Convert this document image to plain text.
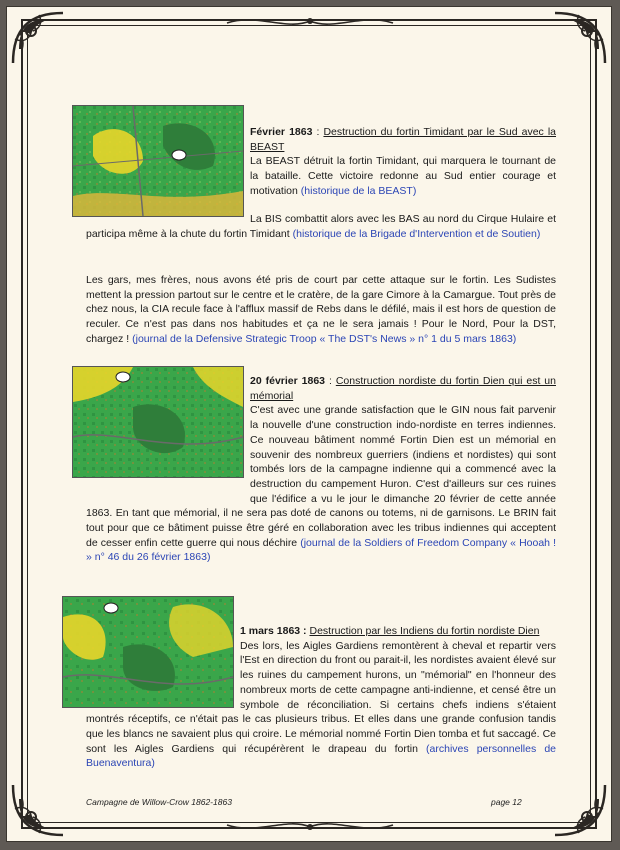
Février 1863 : Destruction du fortin Timidant par le Sud avec la BEAST

La BEAST détruit la fortin Timidant, qui marquera le tournant de la bataille. Cette victoire redonne au Sud entier courage et motivation (historique de la BEAST)

La BIS combattit alors avec les BAS au nord du Cirque Hulaire et participa même à la chute du fortin Timidant (historique de la Brigade d'Intervention et de Soutien)

Les gars, mes frères, nous avons été pris de court par cette attaque sur le fortin. Les Sudistes mettent la pression partout sur le centre et le cratère, de la gare Cimore à la Camargue. Tout près de chez nous, la CIA recule face à l'afflux massif de Rebs dans le défilé, mais il est hors de question de reculer. Ce n'est pas dans nos habitudes et ça ne le sera jamais ! Pour le Nord, Pour la DST, chargez ! (journal de la Defensive Strategic Troop « The DST's News » n° 1 du 5 mars 1863)

20 février 1863 : Construction nordiste du fortin Dien qui est un mémorial

C'est avec une grande satisfaction que le GIN nous fait parvenir la nouvelle d'une construction indo-nordiste en terres indiennes. Ce nouveau bâtiment nommé Fortin Dien est un mémorial en souvenir des nombreux guerriers (indiens et nordistes) qui sont tombés lors de la campagne indienne qui a commencé avec la destruction du campement Huron. C'est d'ailleurs sur ces ruines que l'édifice a vu le jour le dimanche 20 février de cette année 1863. En tant que mémorial, il ne sera pas doté de canons ou totems, ni de garnisons. Le BRIN fait tout pour que ce bâtiment puisse être géré en collaboration avec les tribus indiennes qui acceptent de cesser enfin cette guerre qui nous déchire (journal de la Soldiers of Freedom Company « Hooah ! » n° 46 du 26 février 1863)

1 mars 1863 : Destruction par les Indiens du fortin nordiste Dien

Des lors, les Aigles Gardiens remontèrent à cheval et repartir vers l'Est en direction du front ou parait-il, les nordistes avaient élevé sur les ruines du campement hurons, un "mémorial" en l'honneur des nombreux morts de cette campagne anti-indienne, et censé être un symbole de réconciliation. Si certains chefs indiens s'étaient montrés réceptifs, ce n'était pas le cas plusieurs tribus. Et elles dans une grande confusion tandis que les blancs ne savaient plus qui croire. Le mémorial nommé Fortin Dien tomba et fut saccagé. Ce sont les Aigles Gardiens qui récupérèrent le drapeau du fortin (archives personnelles de Buenaventura)

Campagne de Willow-Crow 1862-1863	page 12
